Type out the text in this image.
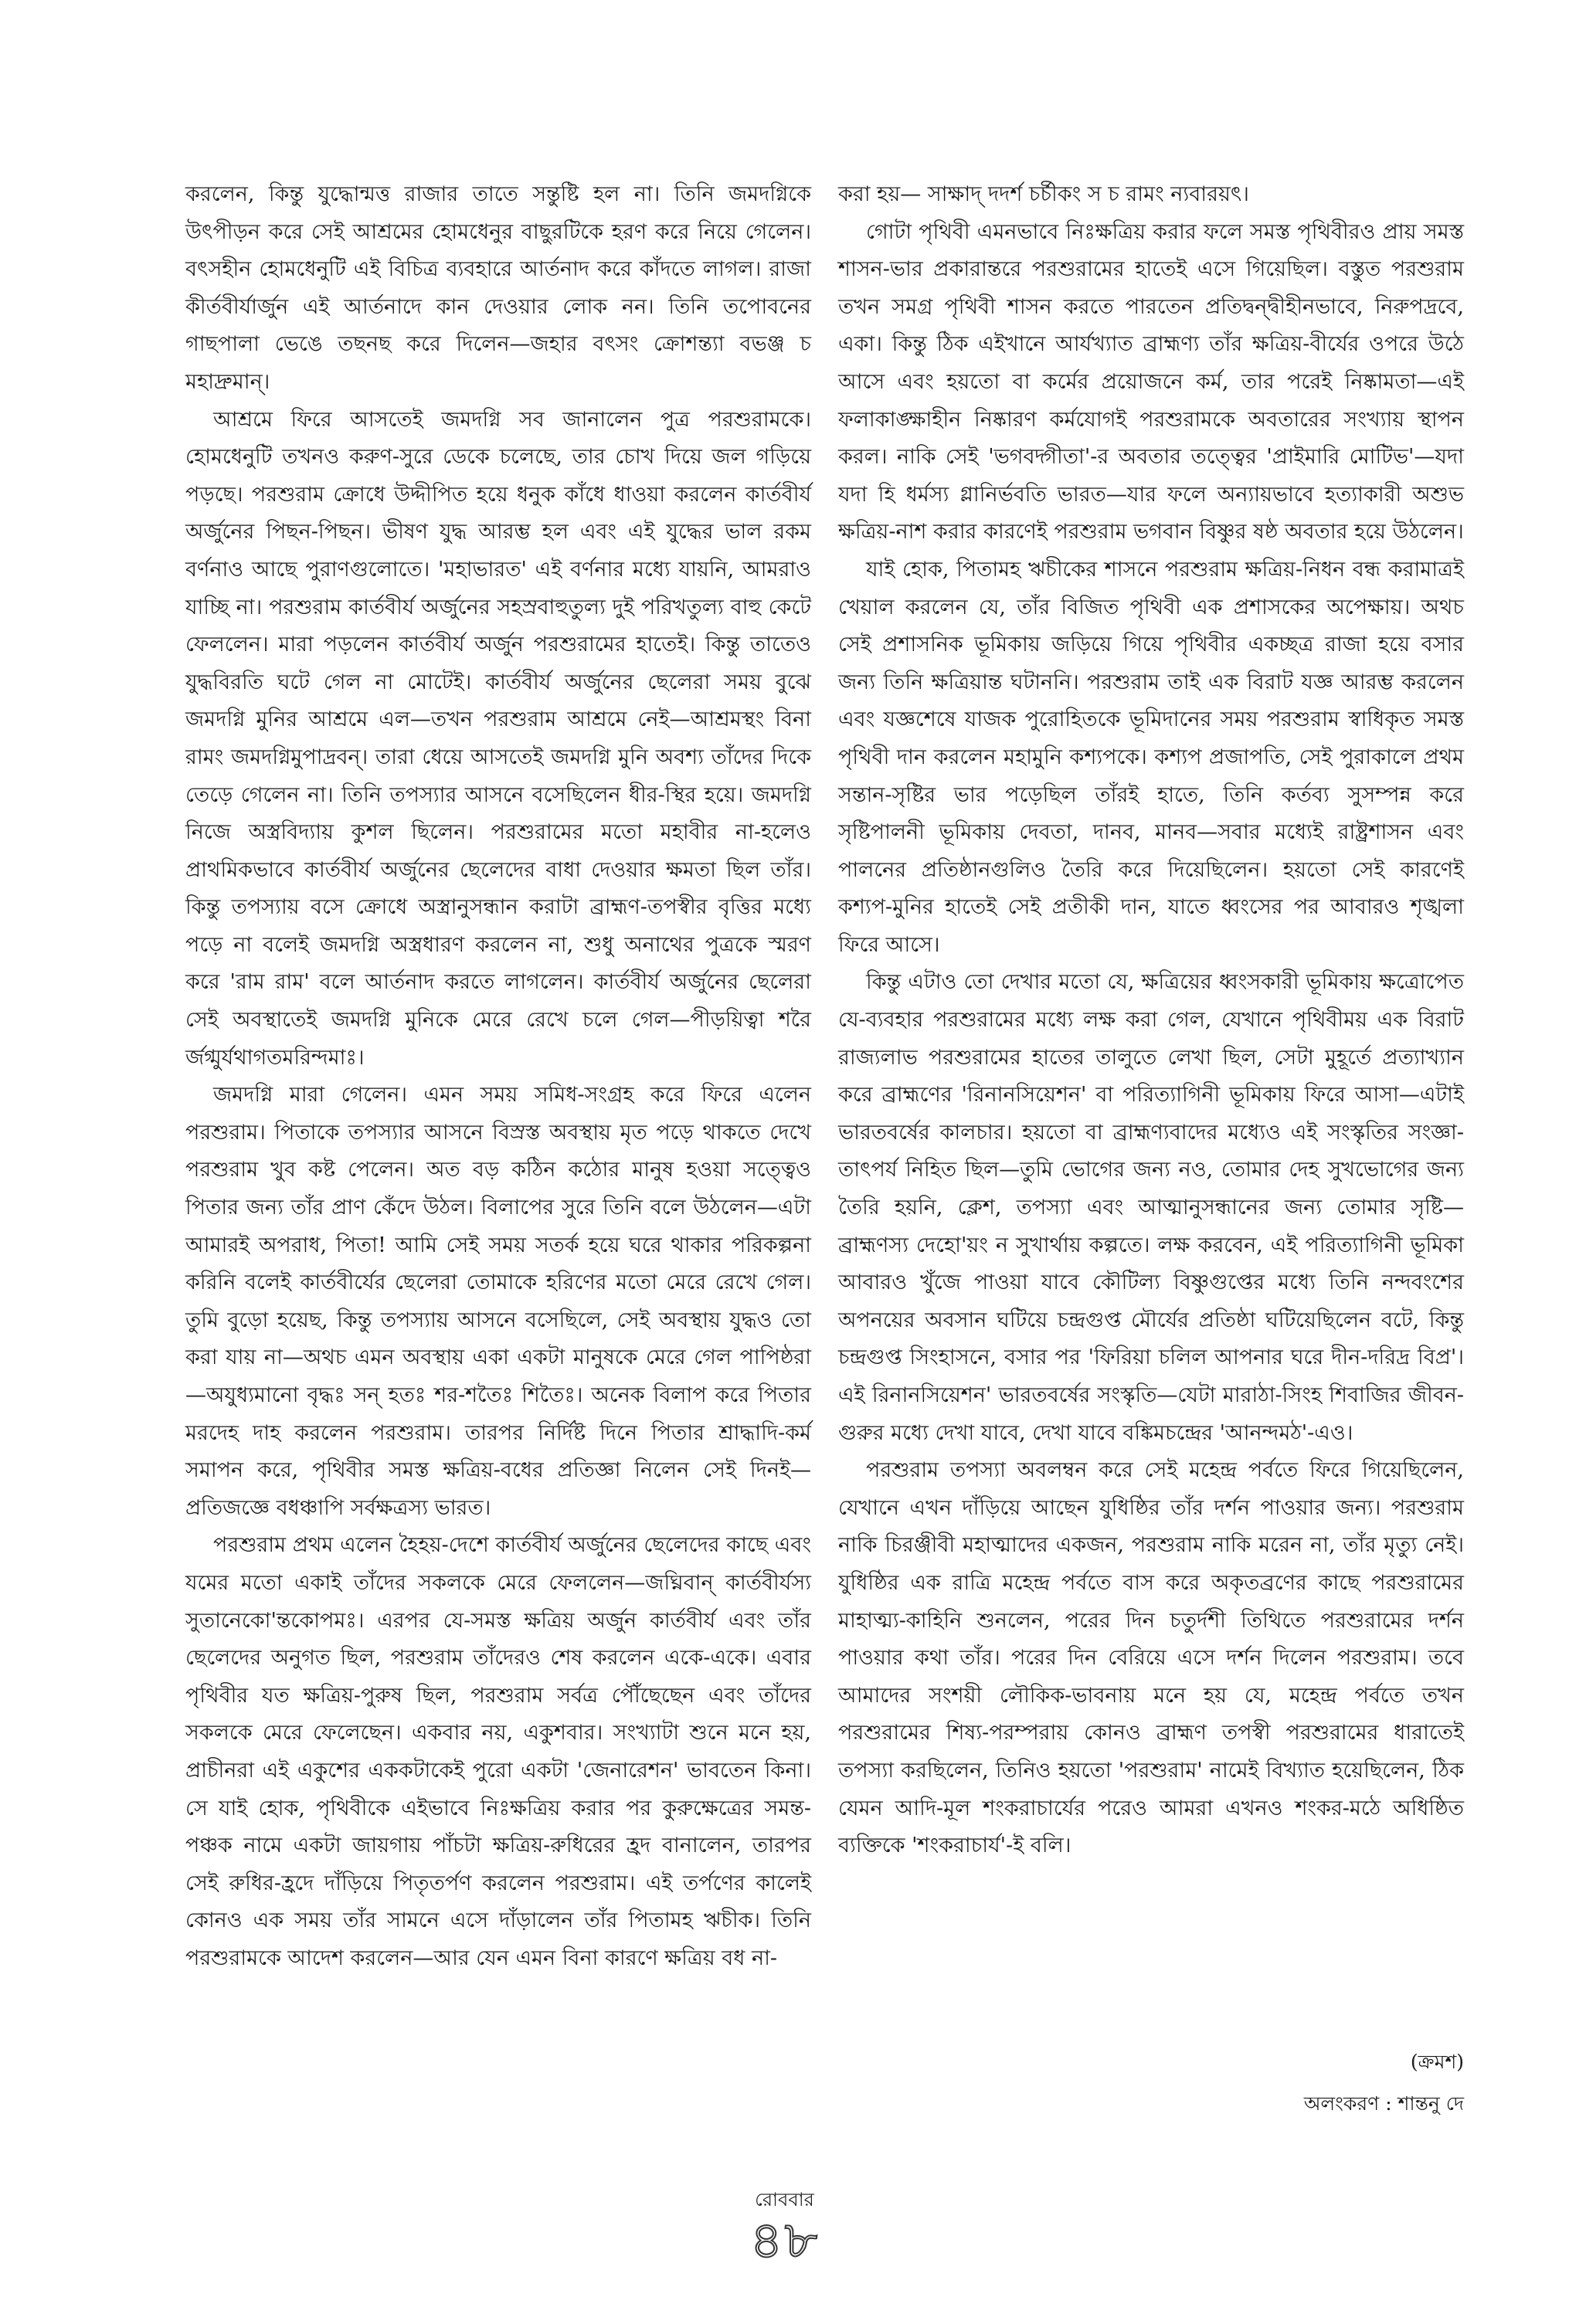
করলেন, কিন্তু যুদ্ধোন্মত্ত রাজার তাতে সন্তুষ্টি হল না। তিনি জমদগ্নিকে উৎপীড়ন করে সেই আশ্রমের হোমধেনুর বাছুরটিকে হরণ করে নিয়ে গেলেন। বৎসহীন হোমধেনুটি এই বিচিত্র ব্যবহারে আর্তনাদ করে কাঁদতে লাগল। রাজা কীর্তবীর্যার্জুন এই আর্তনাদে কান দেওয়ার লোক নন। তিনি তপোবনের গাছপালা ভেঙে তছনছ করে দিলেন—জহার বৎসং ক্রোশন্ত্যা বভঞ্জ চ মহাদ্রুমান্।

আশ্রমে ফিরে আসতেই জমদগ্নি সব জানালেন পুত্র পরশুরামকে। হোমধেনুটি তখনও করুণ-সুরে ডেকে চলেছে, তার চোখ দিয়ে জল গড়িয়ে পড়ছে। পরশুরাম ক্রোধে উদ্দীপিত হয়ে ধনুক কাঁধে ধাওয়া করলেন কার্তবীর্য অর্জুনের পিছন-পিছন। ভীষণ যুদ্ধ আরম্ভ হল এবং এই যুদ্ধের ভাল রকম বর্ণনাও আছে পুরাণগুলোতে। 'মহাভারত' এই বর্ণনার মধ্যে যায়নি, আমরাও যাচ্ছি না। পরশুরাম কার্তবীর্য অর্জুনের সহস্রবাহুতুল্য দুই পরিখতুল্য বাহু কেটে ফেললেন। মারা পড়লেন কার্তবীর্য অর্জুন পরশুরামের হাতেই। কিন্তু তাতেও যুদ্ধবিরতি ঘটে গেল না মোটেই। কার্তবীর্য অর্জুনের ছেলেরা সময় বুঝে জমদগ্নি মুনির আশ্রমে এল—তখন পরশুরাম আশ্রমে নেই—আশ্রমস্থং বিনা রামং জমদগ্নিমুপাদ্রবন্। তারা ধেয়ে আসতেই জমদগ্নি মুনি অবশ্য তাঁদের দিকে তেড়ে গেলেন না। তিনি তপস্যার আসনে বসেছিলেন ধীর-স্থির হয়ে। জমদগ্নি নিজে অস্ত্রবিদ্যায় কুশল ছিলেন। পরশুরামের মতো মহাবীর না-হলেও প্রাথমিকভাবে কার্তবীর্য অর্জুনের ছেলেদের বাধা দেওয়ার ক্ষমতা ছিল তাঁর। কিন্তু তপস্যায় বসে ক্রোধে অস্ত্রানুসন্ধান করাটা ব্রাহ্মণ-তপস্বীর বৃত্তির মধ্যে পড়ে না বলেই জমদগ্নি অস্ত্রধারণ করলেন না, শুধু অনাথের পুত্রকে স্মরণ করে 'রাম রাম' বলে আর্তনাদ করতে লাগলেন। কার্তবীর্য অর্জুনের ছেলেরা সেই অবস্থাতেই জমদগ্নি মুনিকে মেরে রেখে চলে গেল—পীড়য়িত্বা শরৈ র্জগ্মুর্যথাগতমরিন্দমাঃ।

জমদগ্নি মারা গেলেন। এমন সময় সমিধ-সংগ্রহ করে ফিরে এলেন পরশুরাম। পিতাকে তপস্যার আসনে বিস্রস্ত অবস্থায় মৃত পড়ে থাকতে দেখে পরশুরাম খুব কষ্ট পেলেন। অত বড় কঠিন কঠোর মানুষ হওয়া সত্ত্বেও পিতার জন্য তাঁর প্রাণ কেঁদে উঠল। বিলাপের সুরে তিনি বলে উঠলেন—এটা আমারই অপরাধ, পিতা! আমি সেই সময় সতর্ক হয়ে ঘরে থাকার পরিকল্পনা করিনি বলেই কার্তবীর্যের ছেলেরা তোমাকে হরিণের মতো মেরে রেখে গেল। তুমি বুড়ো হয়েছ, কিন্তু তপস্যায় আসনে বসেছিলে, সেই অবস্থায় যুদ্ধও তো করা যায় না—অথচ এমন অবস্থায় একা একটা মানুষকে মেরে গেল পাপিষ্ঠরা—অযুধ্যমানো বৃদ্ধঃ সন্ হতঃ শর-শতৈঃ শিতৈঃ। অনেক বিলাপ করে পিতার মরদেহ দাহ করলেন পরশুরাম। তারপর নির্দিষ্ট দিনে পিতার শ্রাদ্ধাদি-কর্ম সমাপন করে, পৃথিবীর সমস্ত ক্ষত্রিয়-বধের প্রতিজ্ঞা নিলেন সেই দিনই—প্রতিজজ্ঞে বধঞ্চাপি সর্বক্ষত্রস্য ভারত।

পরশুরাম প্রথম এলেন হৈহয়-দেশে কার্তবীর্য অর্জুনের ছেলেদের কাছে এবং যমের মতো একাই তাঁদের সকলকে মেরে ফেললেন—জঘ্নিবান্ কার্তবীর্যস্য সুতানেকো'ন্তকোপমঃ। এরপর যে-সমস্ত ক্ষত্রিয় অর্জুন কার্তবীর্য এবং তাঁর ছেলেদের অনুগত ছিল, পরশুরাম তাঁদেরও শেষ করলেন একে-একে। এবার পৃথিবীর যত ক্ষত্রিয়-পুরুষ ছিল, পরশুরাম সর্বত্র পৌঁছেছেন এবং তাঁদের সকলকে মেরে ফেলেছেন। একবার নয়, একুশবার। সংখ্যাটা শুনে মনে হয়, প্রাচীনরা এই একুশের এককটাকেই পুরো একটা 'জেনারেশন' ভাবতেন কিনা। সে যাই হোক, পৃথিবীকে এইভাবে নিঃক্ষত্রিয় করার পর কুরুক্ষেত্রের সমন্ত-পঞ্চক নামে একটা জায়গায় পাঁচটা ক্ষত্রিয়-রুধিরের হ্রদ বানালেন, তারপর সেই রুধির-হ্রদে দাঁড়িয়ে পিতৃতর্পণ করলেন পরশুরাম। এই তর্পণের কালেই কোনও এক সময় তাঁর সামনে এসে দাঁড়ালেন তাঁর পিতামহ ঋচীক। তিনি পরশুরামকে আদেশ করলেন—আর যেন এমন বিনা কারণে ক্ষত্রিয় বধ না-

করা হয়— সাক্ষাদ্ দদর্শ চর্চীকং স চ রামং ন্যবারয়ৎ।

গোটা পৃথিবী এমনভাবে নিঃক্ষত্রিয় করার ফলে সমস্ত পৃথিবীরও প্রায় সমস্ত শাসন-ভার প্রকারান্তরে পরশুরামের হাতেই এসে গিয়েছিল। বস্তুত পরশুরাম তখন সমগ্র পৃথিবী শাসন করতে পারতেন প্রতিদ্বন্দ্বীহীনভাবে, নিরুপদ্রবে, একা। কিন্তু ঠিক এইখানে আর্যখ্যাত ব্রাহ্মণ্য তাঁর ক্ষত্রিয়-বীর্যের ওপরে উঠে আসে এবং হয়তো বা কর্মের প্রয়োজনে কর্ম, তার পরেই নিষ্কামতা—এই ফলাকাঙ্ক্ষাহীন নিষ্কারণ কর্মযোগই পরশুরামকে অবতারের সংখ্যায় স্থাপন করল। নাকি সেই 'ভগবদ্গীতা'-র অবতার তত্ত্বের 'প্রাইমারি মোটিভ'—যদা যদা হি ধর্মস্য গ্লানির্ভবতি ভারত—যার ফলে অন্যায়ভাবে হত্যাকারী অশুভ ক্ষত্রিয়-নাশ করার কারণেই পরশুরাম ভগবান বিষ্ণুর ষষ্ঠ অবতার হয়ে উঠলেন।

যাই হোক, পিতামহ ঋচীকের শাসনে পরশুরাম ক্ষত্রিয়-নিধন বন্ধ করামাত্রই খেয়াল করলেন যে, তাঁর বিজিত পৃথিবী এক প্রশাসকের অপেক্ষায়। অথচ সেই প্রশাসনিক ভূমিকায় জড়িয়ে গিয়ে পৃথিবীর একচ্ছত্র রাজা হয়ে বসার জন্য তিনি ক্ষত্রিয়ান্ত ঘটাননি। পরশুরাম তাই এক বিরাট যজ্ঞ আরম্ভ করলেন এবং যজ্ঞশেষে যাজক পুরোহিতকে ভূমিদানের সময় পরশুরাম স্বাধিকৃত সমস্ত পৃথিবী দান করলেন মহামুনি কশ্যপকে। কশ্যপ প্রজাপতি, সেই পুরাকালে প্রথম সন্তান-সৃষ্টির ভার পড়েছিল তাঁরই হাতে, তিনি কর্তব্য সুসম্পন্ন করে সৃষ্টিপালনী ভূমিকায় দেবতা, দানব, মানব—সবার মধ্যেই রাষ্ট্রশাসন এবং পালনের প্রতিষ্ঠানগুলিও তৈরি করে দিয়েছিলেন। হয়তো সেই কারণেই কশ্যপ-মুনির হাতেই সেই প্রতীকী দান, যাতে ধ্বংসের পর আবারও শৃঙ্খলা ফিরে আসে।

কিন্তু এটাও তো দেখার মতো যে, ক্ষত্রিয়ের ধ্বংসকারী ভূমিকায় ক্ষত্রোপেত যে-ব্যবহার পরশুরামের মধ্যে লক্ষ করা গেল, যেখানে পৃথিবীময় এক বিরাট রাজ্যলাভ পরশুরামের হাতের তালুতে লেখা ছিল, সেটা মুহূর্তে প্রত্যাখ্যান করে ব্রাহ্মণের 'রিনানসিয়েশন' বা পরিত্যাগিনী ভূমিকায় ফিরে আসা—এটাই ভারতবর্ষের কালচার। হয়তো বা ব্রাহ্মণ্যবাদের মধ্যেও এই সংস্কৃতির সংজ্ঞা-তাৎপর্য নিহিত ছিল—তুমি ভোগের জন্য নও, তোমার দেহ সুখভোগের জন্য তৈরি হয়নি, ক্লেশ, তপস্যা এবং আত্মানুসন্ধানের জন্য তোমার সৃষ্টি—ব্রাহ্মণস্য দেহো'য়ং ন সুখার্থায় কল্পতে। লক্ষ করবেন, এই পরিত্যাগিনী ভূমিকা আবারও খুঁজে পাওয়া যাবে কৌটিল্য বিষ্ণুগুপ্তের মধ্যে তিনি নন্দবংশের অপনয়ের অবসান ঘটিয়ে চন্দ্রগুপ্ত মৌর্যের প্রতিষ্ঠা ঘটিয়েছিলেন বটে, কিন্তু চন্দ্রগুপ্ত সিংহাসনে, বসার পর 'ফিরিয়া চলিল আপনার ঘরে দীন-দরিদ্র বিপ্র'। এই রিনানসিয়েশন' ভারতবর্ষের সংস্কৃতি—যেটা মারাঠা-সিংহ শিবাজির জীবন-গুরুর মধ্যে দেখা যাবে, দেখা যাবে বঙ্কিমচন্দ্রের 'আনন্দমঠ'-এও।

পরশুরাম তপস্যা অবলম্বন করে সেই মহেন্দ্র পর্বতে ফিরে গিয়েছিলেন, যেখানে এখন দাঁড়িয়ে আছেন যুধিষ্ঠির তাঁর দর্শন পাওয়ার জন্য। পরশুরাম নাকি চিরঞ্জীবী মহাত্মাদের একজন, পরশুরাম নাকি মরেন না, তাঁর মৃত্যু নেই। যুধিষ্ঠির এক রাত্রি মহেন্দ্র পর্বতে বাস করে অকৃতব্রণের কাছে পরশুরামের মাহাত্ম্য-কাহিনি শুনলেন, পরের দিন চতুর্দশী তিথিতে পরশুরামের দর্শন পাওয়ার কথা তাঁর। পরের দিন বেরিয়ে এসে দর্শন দিলেন পরশুরাম। তবে আমাদের সংশয়ী লৌকিক-ভাবনায় মনে হয় যে, মহেন্দ্র পর্বতে তখন পরশুরামের শিষ্য-পরম্পরায় কোনও ব্রাহ্মণ তপস্বী পরশুরামের ধারাতেই তপস্যা করছিলেন, তিনিও হয়তো 'পরশুরাম' নামেই বিখ্যাত হয়েছিলেন, ঠিক যেমন আদি-মূল শংকরাচার্যের পরেও আমরা এখনও শংকর-মঠে অধিষ্ঠিত ব্যক্তিকে 'শংকরাচার্য'-ই বলি।

(ক্রমশ)
অলংকরণ : শান্তনু দে
রোববার
৪৮
